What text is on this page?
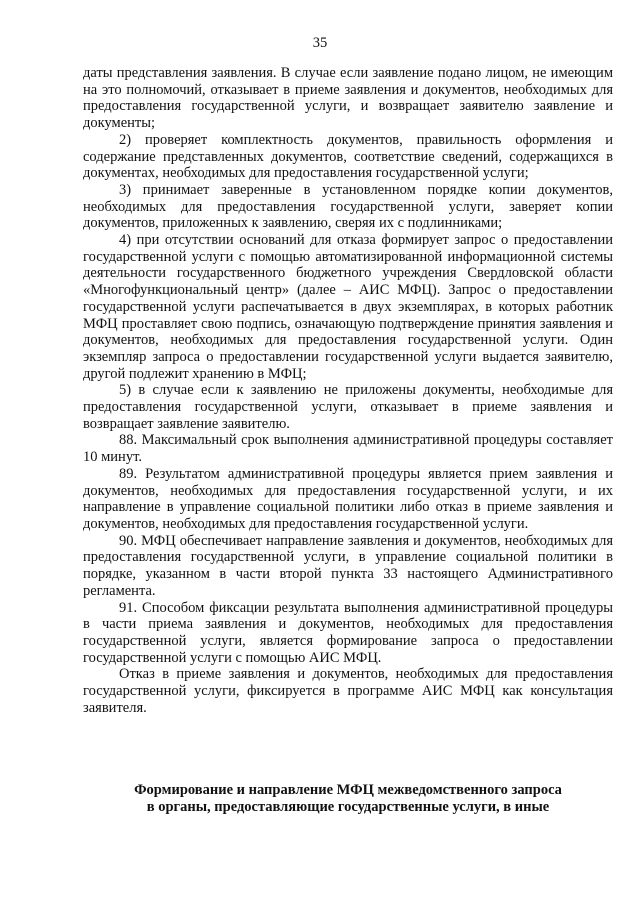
35

даты представления заявления. В случае если заявление подано лицом, не имеющим на это полномочий, отказывает в приеме заявления и документов, необходимых для предоставления государственной услуги, и возвращает заявителю заявление и документы;

2) проверяет комплектность документов, правильность оформления и содержание представленных документов, соответствие сведений, содержащихся в документах, необходимых для предоставления государственной услуги;

3) принимает заверенные в установленном порядке копии документов, необходимых для предоставления государственной услуги, заверяет копии документов, приложенных к заявлению, сверяя их с подлинниками;

4) при отсутствии оснований для отказа формирует запрос о предоставлении государственной услуги с помощью автоматизированной информационной системы деятельности государственного бюджетного учреждения Свердловской области «Многофункциональный центр» (далее – АИС МФЦ). Запрос о предоставлении государственной услуги распечатывается в двух экземплярах, в которых работник МФЦ проставляет свою подпись, означающую подтверждение принятия заявления и документов, необходимых для предоставления государственной услуги. Один экземпляр запроса о предоставлении государственной услуги выдается заявителю, другой подлежит хранению в МФЦ;

5) в случае если к заявлению не приложены документы, необходимые для предоставления государственной услуги, отказывает в приеме заявления и возвращает заявление заявителю.

88. Максимальный срок выполнения административной процедуры составляет 10 минут.

89. Результатом административной процедуры является прием заявления и документов, необходимых для предоставления государственной услуги, и их направление в управление социальной политики либо отказ в приеме заявления и документов, необходимых для предоставления государственной услуги.

90. МФЦ обеспечивает направление заявления и документов, необходимых для предоставления государственной услуги, в управление социальной политики в порядке, указанном в части второй пункта 33 настоящего Административного регламента.

91. Способом фиксации результата выполнения административной процедуры в части приема заявления и документов, необходимых для предоставления государственной услуги, является формирование запроса о предоставлении государственной услуги с помощью АИС МФЦ.

Отказ в приеме заявления и документов, необходимых для предоставления государственной услуги, фиксируется в программе АИС МФЦ как консультация заявителя.

Формирование и направление МФЦ межведомственного запроса
в органы, предоставляющие государственные услуги, в иные
